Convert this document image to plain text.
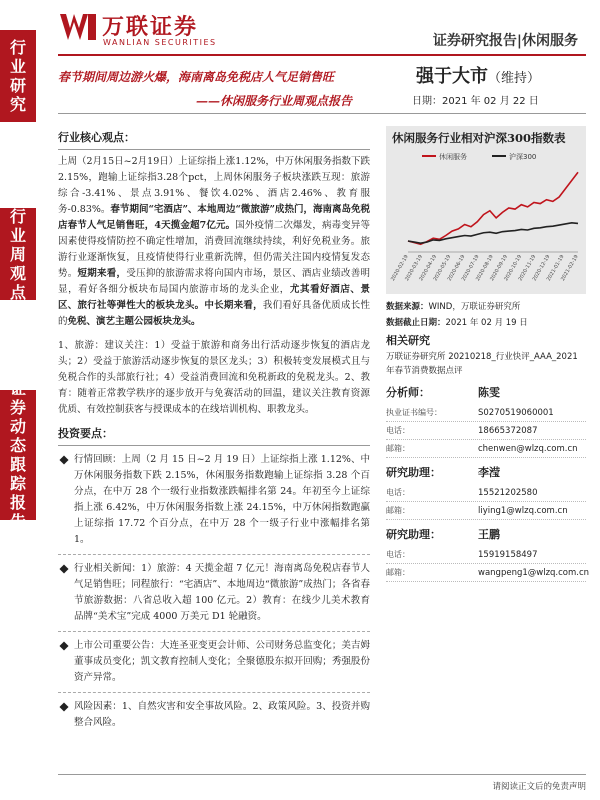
万联证券
WANLIAN SECURITIES	证券研究报告|休闲服务
行
业
研
究
行
业
周
观
点
证
券
动
态
跟
踪
报
告
春节期间周边游火爆，海南离岛免税店人气足销售旺
——休闲服务行业周观点报告
强于大市（维持）
日期：2021 年 02 月 22 日
行业核心观点：
上周（2月15日~2月19日）上证综指上涨1.12%，中万休闲服务指数下跌2.15%，跑输上证综指3.28个pct，上周休闲服务子板块涨跌互现：旅游综合-3.41%、景点3.91%、餐饮4.02%、酒店2.46%、教育服务-0.83%。春节期间“宅酒店”、本地周边“微旅游”成热门，海南离岛免税店春节人气足销售旺，4天揽金超7亿元。国外疫情二次爆发，病毒变异等因素使得疫情防控不确定性增加，消费回流继续持续，利好免税业务。旅游行业逐渐恢复，且疫情使得行业重新洗牌，但仍需关注国内疫情复发态势。短期来看，受压抑的旅游需求将向国内市场，景区、酒店业绩改善明显，看好各细分板块布局国内旅游市场的龙头企业，尤其看好酒店、景区、旅行社等弹性大的板块龙头。中长期来看，我们看好具备优质成长性的免税、演艺主题公园板块龙头。
1、旅游：建议关注：1）受益于旅游和商务出行活动逐步恢复的酒店龙头；2）受益于旅游活动逐步恢复的景区龙头；3）积极转变发展模式且与免税合作的头部旅行社；4）受益消费回流和免税新政的免税龙头。2、教育：随着正常教学秩序的逐步放开与免赛活动的回温，建议关注教育资源优质、有效控制获客与授课成本的在线培训机构、职教龙头。
投资要点：
行情回顾：上周（2 月 15 日~2 月 19 日）上证综指上涨 1.12%、中万休闲服务指数下跌 2.15%，休闲服务指数跑输上证综指 3.28 个百分点，在中万 28 个一级行业指数涨跌幅排名第 24。年初至今上证综指上涨 6.42%，中万休闲服务指数上涨 24.15%，中万休闲指数跑赢上证综指 17.72 个百分点，在中万 28 个一级子行业中涨幅排名第 1。
行业相关新闻：1）旅游：4 天揽金超 7 亿元！海南离岛免税店春节人气足销售旺；同程旅行：“宅酒店”、本地周边“微旅游”成热门；各省春节旅游数据：八省总收入超 100 亿元。2）教育：在线少儿美术教育品牌“美术宝”完成 4000 万美元 D1 轮融资。
上市公司重要公告：大连圣亚变更会计师、公司财务总监变化；美吉姆董事成员变化；凯文教育控制人变化；全聚德股东拟开回购；秀强股份资产异常。
风险因素：1、自然灾害和安全事故风险。2、政策风险。3、投资并购整合风险。
休闲服务行业相对沪深300指数表
休闲服务	沪深300
2020-02-19
2020-03-19
2020-04-19
2020-05-19
2020-06-19
2020-07-19
2020-08-19
2020-09-19
2020-10-19
2020-11-19
2020-12-19
2021-01-19
2021-02-19
数据来源：WIND，万联证券研究所
数据截止日期：2021 年 02 月 19 日
相关研究
万联证券研究所 20210218_行业快评_AAA_2021 年春节消费数据点评
分析师：	陈雯
执业证书编号：	S0270519060001
电话：	18665372087
邮箱：	chenwen@wlzq.com.cn
研究助理：	李滢
电话：	15521202580
邮箱：	liying1@wlzq.com.cn
研究助理：	王鹏
电话：	15919158497
邮箱：	wangpeng1@wlzq.com.cn
请阅读正文后的免责声明
